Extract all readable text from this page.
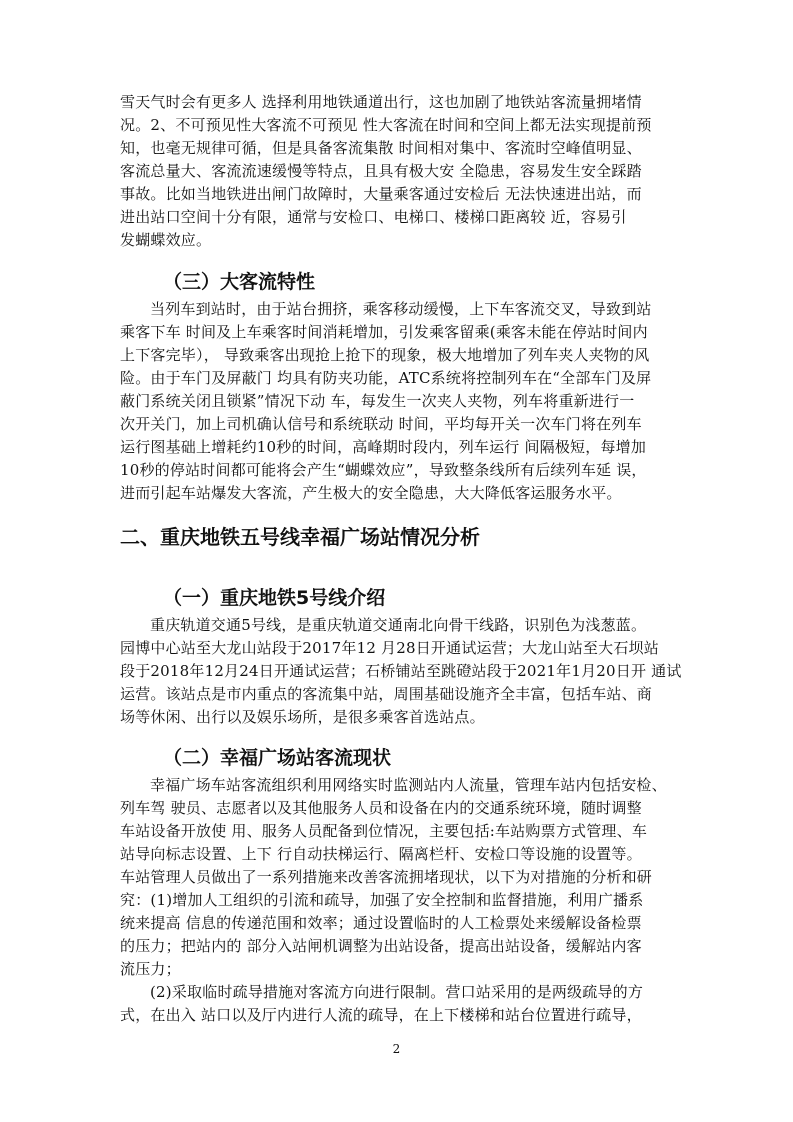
雪天气时会有更多人 选择利用地铁通道出行，这也加剧了地铁站客流量拥堵情
况。2、不可预见性大客流不可预见 性大客流在时间和空间上都无法实现提前预
知，也毫无规律可循，但是具备客流集散 时间相对集中、客流时空峰值明显、
客流总量大、客流流速缓慢等特点，且具有极大安 全隐患，容易发生安全踩踏
事故。比如当地铁进出闸门故障时，大量乘客通过安检后 无法快速进出站，而
进出站口空间十分有限，通常与安检口、电梯口、楼梯口距离较 近，容易引
发蝴蝶效应。
（三）大客流特性
当列车到站时，由于站台拥挤，乘客移动缓慢，上下车客流交叉，导致到站
乘客下车 时间及上车乘客时间消耗增加，引发乘客留乘(乘客未能在停站时间内
上下客完毕）， 导致乘客出现抢上抢下的现象，极大地增加了列车夹人夹物的风
险。由于车门及屏蔽门 均具有防夹功能，ATC系统将控制列车在“全部车门及屏
蔽门系统关闭且锁紧”情况下动 车，每发生一次夹人夹物，列车将重新进行一
次开关门，加上司机确认信号和系统联动 时间，平均每开关一次车门将在列车
运行图基础上增耗约10秒的时间，高峰期时段内，列车运行 间隔极短，每增加
10秒的停站时间都可能将会产生“蝴蝶效应”，导致整条线所有后续列车延 误，
进而引起车站爆发大客流，产生极大的安全隐患，大大降低客运服务水平。
二、重庆地铁五号线幸福广场站情况分析
（一）重庆地铁5号线介绍
重庆轨道交通5号线，是重庆轨道交通南北向骨干线路，识别色为浅葱蓝。
园博中心站至大龙山站段于2017年12 月28日开通试运营；大龙山站至大石坝站
段于2018年12月24日开通试运营；石桥铺站至跳磴站段于2021年1月20日开 通试
运营。该站点是市内重点的客流集中站，周围基础设施齐全丰富，包括车站、商
场等休闲、出行以及娱乐场所，是很多乘客首选站点。
（二）幸福广场站客流现状
幸福广场车站客流组织利用网络实时监测站内人流量，管理车站内包括安检、
列车驾 驶员、志愿者以及其他服务人员和设备在内的交通系统环境，随时调整
车站设备开放使 用、服务人员配备到位情况，主要包括:车站购票方式管理、车
站导向标志设置、上下 行自动扶梯运行、隔离栏杆、安检口等设施的设置等。
车站管理人员做出了一系列措施来改善客流拥堵现状，以下为对措施的分析和研
究：(1)增加人工组织的引流和疏导，加强了安全控制和监督措施，利用广播系
统来提高 信息的传递范围和效率；通过设置临时的人工检票处来缓解设备检票
的压力；把站内的 部分入站闸机调整为出站设备，提高出站设备，缓解站内客
流压力；
(2)采取临时疏导措施对客流方向进行限制。营口站采用的是两级疏导的方
式，在出入 站口以及厅内进行人流的疏导，在上下楼梯和站台位置进行疏导，
2
